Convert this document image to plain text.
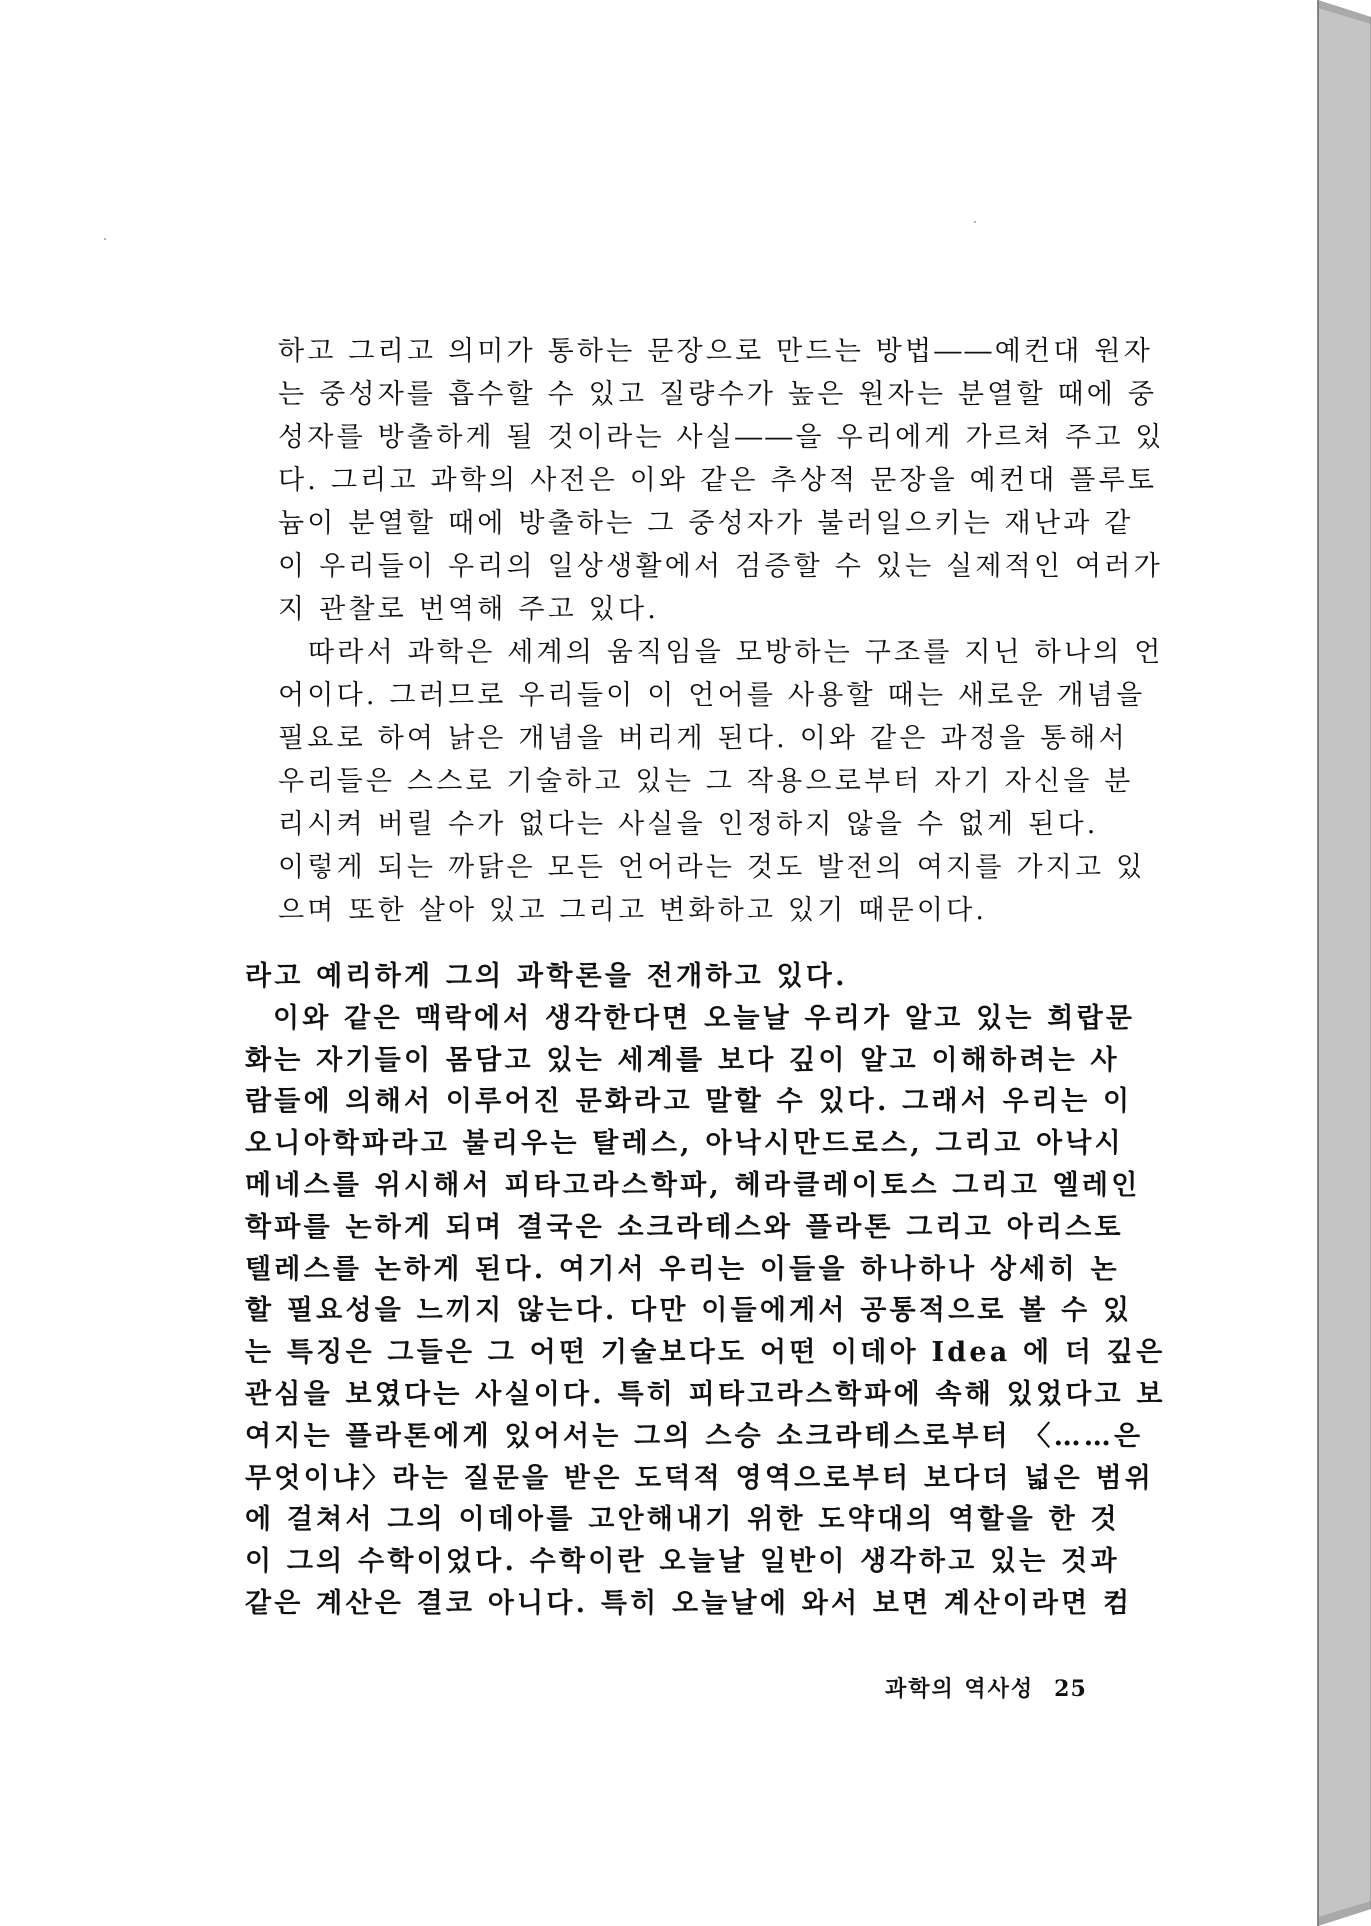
하고 그리고 의미가 통하는 문장으로 만드는 방법――예컨대 원자
는 중성자를 흡수할 수 있고 질량수가 높은 원자는 분열할 때에 중
성자를 방출하게 될 것이라는 사실――을 우리에게 가르쳐 주고 있
다. 그리고 과학의 사전은 이와 같은 추상적 문장을 예컨대 플루토
늄이 분열할 때에 방출하는 그 중성자가 불러일으키는 재난과 같
이 우리들이 우리의 일상생활에서 검증할 수 있는 실제적인 여러가
지 관찰로 번역해 주고 있다.
따라서 과학은 세계의 움직임을 모방하는 구조를 지닌 하나의 언
어이다. 그러므로 우리들이 이 언어를 사용할 때는 새로운 개념을
필요로 하여 낡은 개념을 버리게 된다. 이와 같은 과정을 통해서
우리들은 스스로 기술하고 있는 그 작용으로부터 자기 자신을 분
리시켜 버릴 수가 없다는 사실을 인정하지 않을 수 없게 된다.
이렇게 되는 까닭은 모든 언어라는 것도 발전의 여지를 가지고 있
으며 또한 살아 있고 그리고 변화하고 있기 때문이다.
라고 예리하게 그의 과학론을 전개하고 있다.
이와 같은 맥락에서 생각한다면 오늘날 우리가 알고 있는 희랍문
화는 자기들이 몸담고 있는 세계를 보다 깊이 알고 이해하려는 사
람들에 의해서 이루어진 문화라고 말할 수 있다. 그래서 우리는 이
오니아학파라고 불리우는 탈레스, 아낙시만드로스, 그리고 아낙시
메네스를 위시해서 피타고라스학파, 헤라클레이토스 그리고 엘레인
학파를 논하게 되며 결국은 소크라테스와 플라톤 그리고 아리스토
텔레스를 논하게 된다. 여기서 우리는 이들을 하나하나 상세히 논
할 필요성을 느끼지 않는다. 다만 이들에게서 공통적으로 볼 수 있
는 특징은 그들은 그 어떤 기술보다도 어떤 이데아 Idea 에 더 깊은
관심을 보였다는 사실이다. 특히 피타고라스학파에 속해 있었다고 보
여지는 플라톤에게 있어서는 그의 스승 소크라테스로부터 〈……은
무엇이냐〉라는 질문을 받은 도덕적 영역으로부터 보다더 넓은 범위
에 걸쳐서 그의 이데아를 고안해내기 위한 도약대의 역할을 한 것
이 그의 수학이었다. 수학이란 오늘날 일반이 생각하고 있는 것과
같은 계산은 결코 아니다. 특히 오늘날에 와서 보면 계산이라면 컴
과학의 역사성 25
